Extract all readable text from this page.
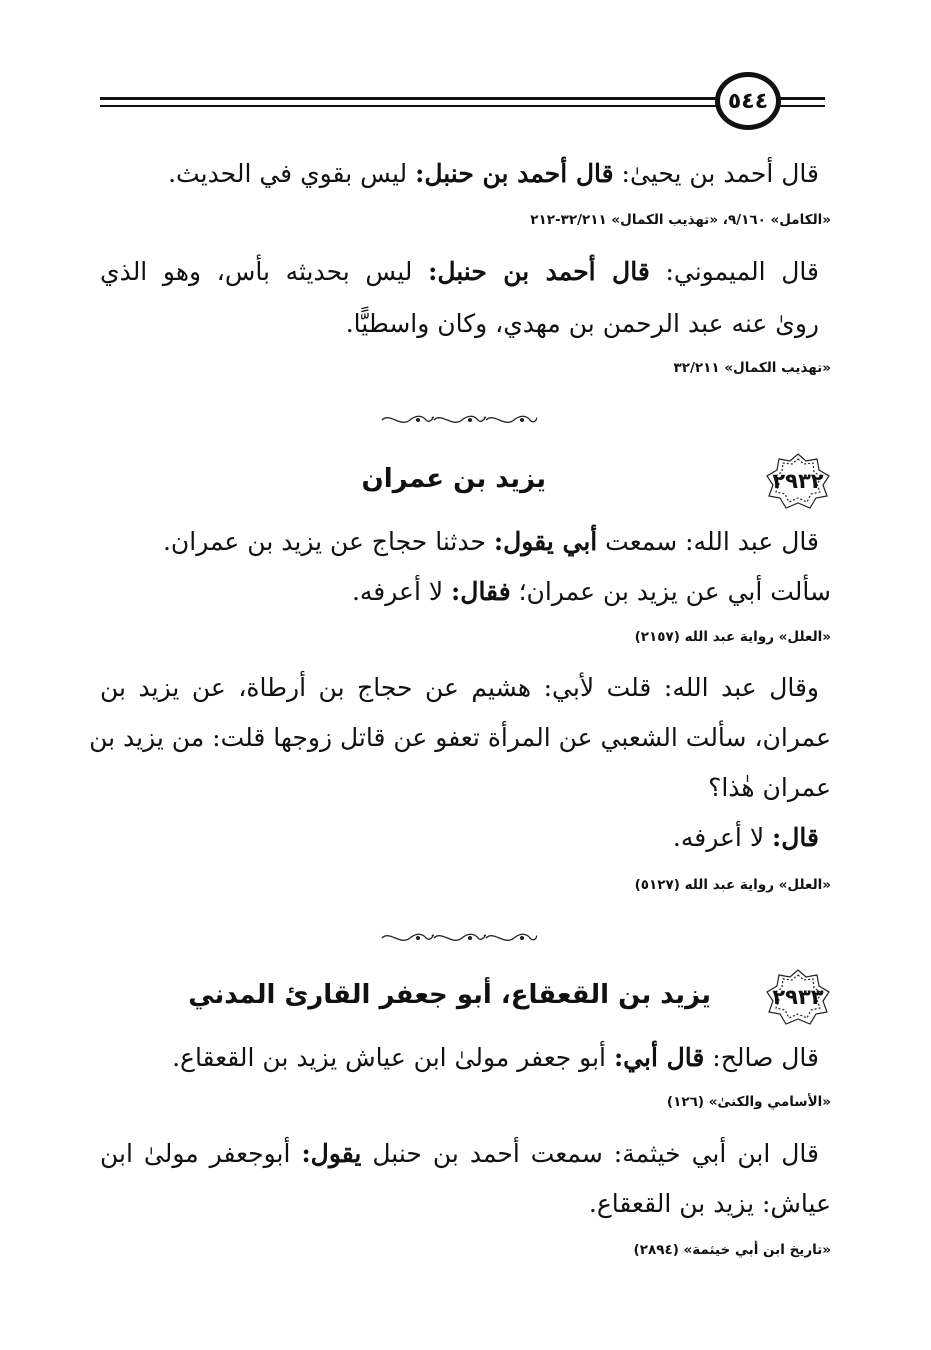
٥٤٤
قال أحمد بن يحيىٰ: قال أحمد بن حنبل: ليس بقوي في الحديث.
«الكامل» ٩/١٦٠، «تهذيب الكمال» ٣٢/٢١١-٢١٢
قال الميموني: قال أحمد بن حنبل: ليس بحديثه بأس، وهو الذي
رو‌ىٰ عنه عبد الرحمن بن مهدي، وكان واسطيًّا.
«تهذيب الكمال» ٣٢/٢١١
٢٩٣٢
يزيد بن عمران
قال عبد الله: سمعت أبي يقول: حدثنا حجاج عن يزيد بن عمران.
سألت أبي عن يزيد بن عمران؛ فقال: لا أعرفه.
«العلل» رواية عبد الله (٢١٥٧)
وقال عبد الله: قلت لأبي: هشيم عن حجاج بن أرطاة، عن يزيد بن
عمران، سألت الشعبي عن المرأة تعفو عن قاتل زوجها قلت: من يزيد بن
عمران هٰذا؟
قال: لا أعرفه.
«العلل» رواية عبد الله (٥١٢٧)
٢٩٣٣
يزيد بن القعقاع، أبو جعفر القارئ المدني
قال صالح: قال أبي: أبو جعفر مولىٰ ابن عياش يزيد بن القعقاع.
«الأسامي والكنىٰ» (١٢٦)
قال ابن أبي خيثمة: سمعت أحمد بن حنبل يقول: أبوجعفر مولىٰ ابن
عياش: يزيد بن القعقاع.
«تاريخ ابن أبي خيثمة» (٢٨٩٤)
